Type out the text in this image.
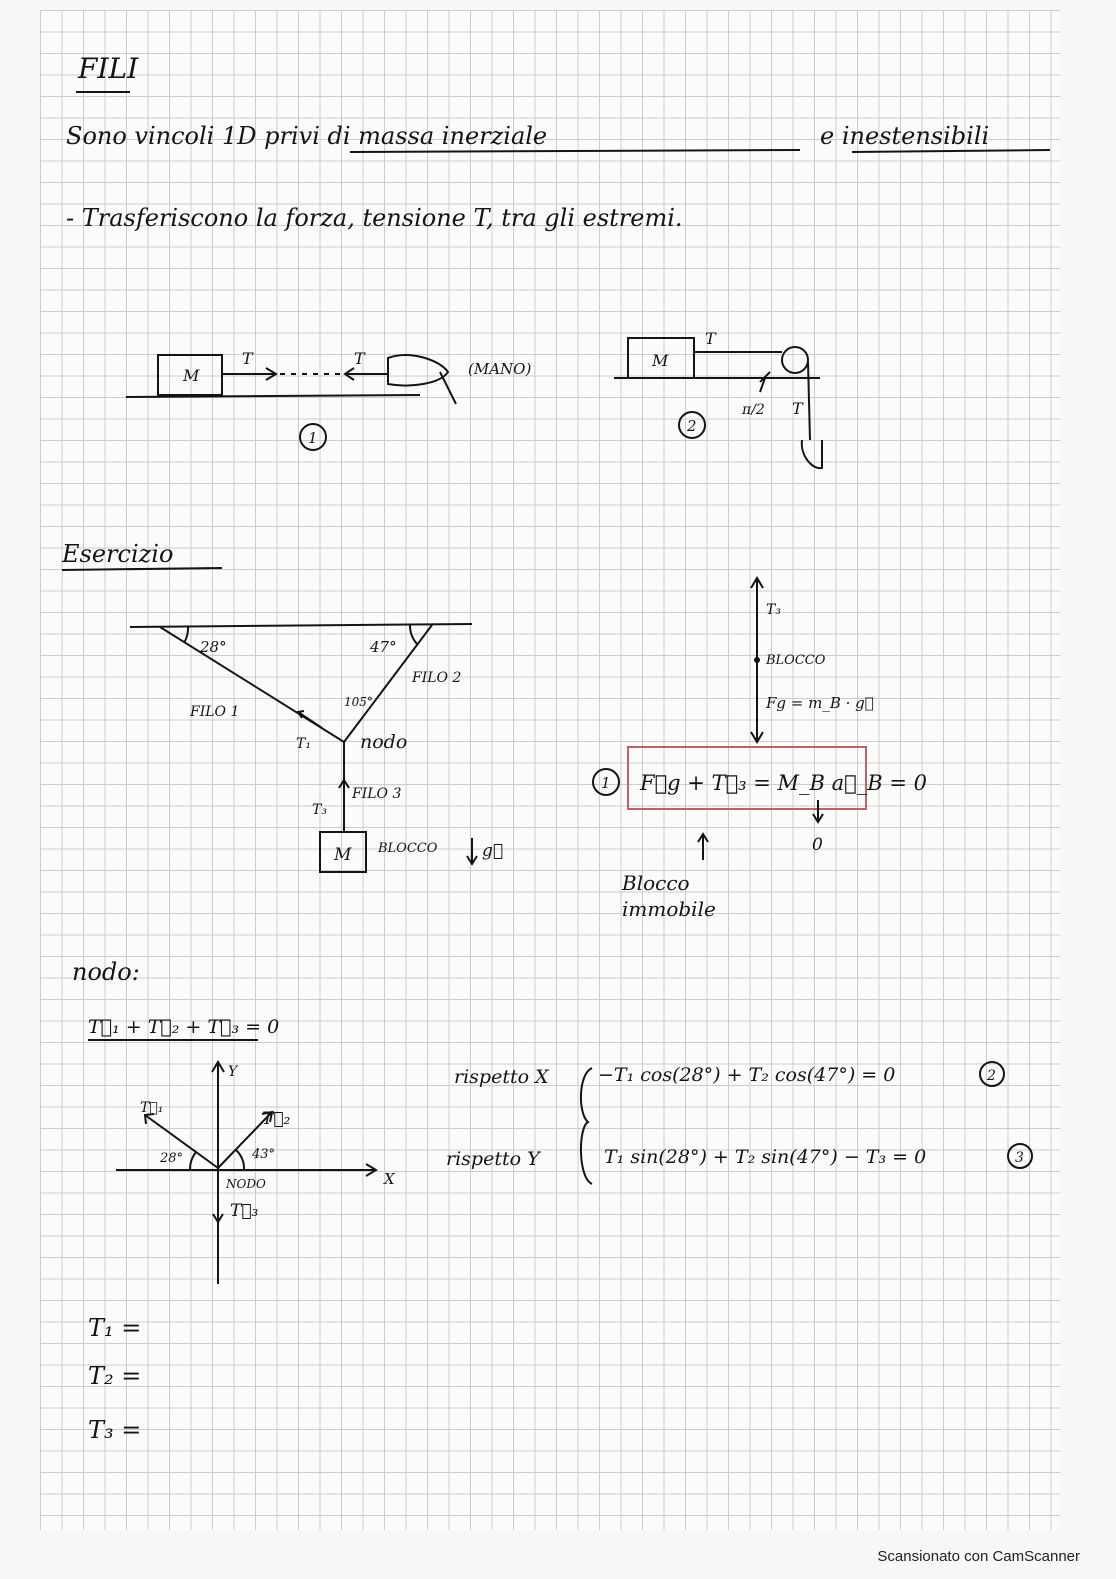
FILI
Sono vincoli 1D privi di massa inerziale	e inestensibili
- Trasferiscono la forza, tensione T, tra gli estremi.
M
T	T
(MANO)
1
M
T
π/2 T
2
28°	47°
105°
FILO 1
FILO 2
FILO 3
T₁
T₃
nodo
M BLOCCO	g⃗
T₃
BLOCCO
Fg = m_B · g⃗
1 F⃗g + T⃗₃ = M_B a⃗_B = 0
0
Blocco
immobile
Y
X
T⃗₁
T⃗₂
T⃗₃
28°	43°
NODO
2
3
Esercizio
nodo:
T⃗₁ + T⃗₂ + T⃗₃ = 0
rispetto X
rispetto Y
−T₁ cos(28°) + T₂ cos(47°) = 0
T₁ sin(28°) + T₂ sin(47°) − T₃ = 0
T₁ =
T₂ =
T₃ =
Scansionato con CamScanner
